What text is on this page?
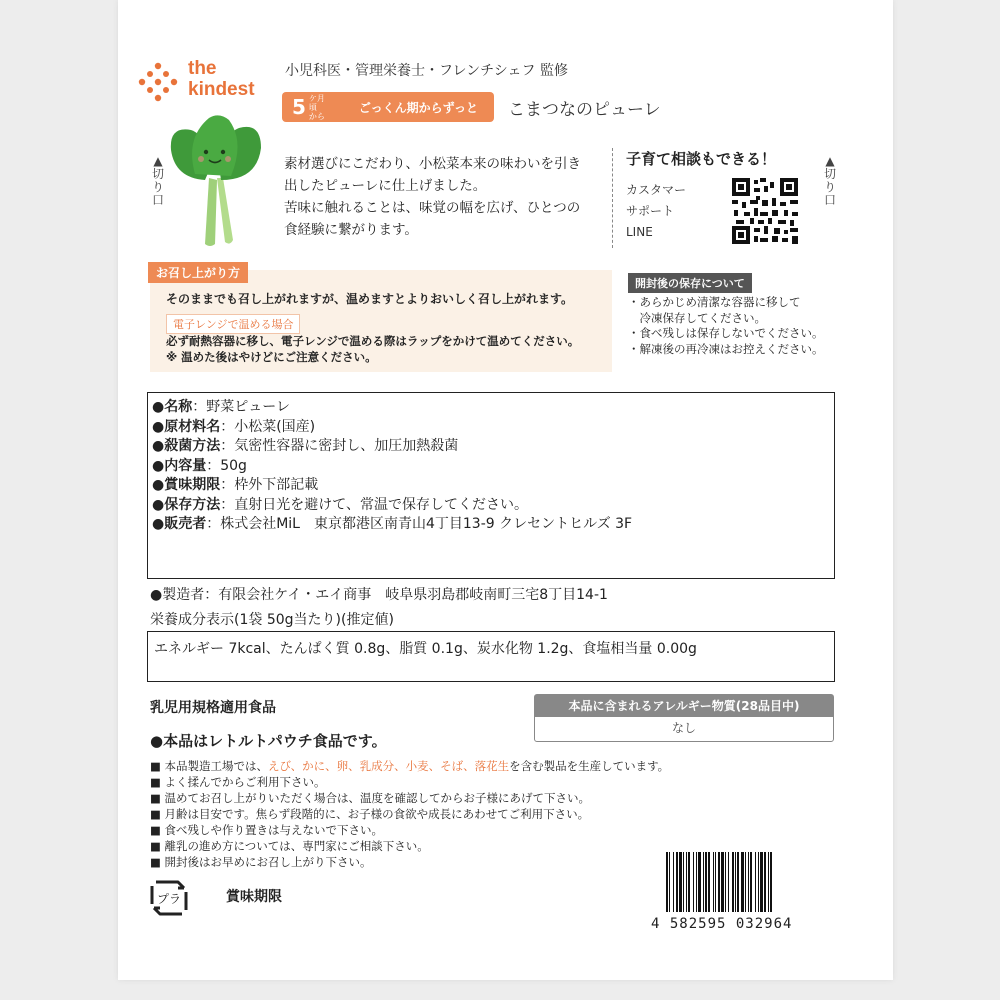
the
kindest
小児科医・管理栄養士・フレンチシェフ 監修
5 ケ月頃
から
ごっくん期からずっと こまつなのピューレ
▲
切
り
口
▲
切
り
口
素材選びにこだわり、小松菜本来の味わいを引き
出したピューレに仕上げました。
苦味に触れることは、味覚の幅を広げ、ひとつの
食経験に繋がります。
子育て相談もできる！
カスタマー
サポート
LINE
お召し上がり方
そのままでも召し上がれますが、温めますとよりおいしく召し上がれます。
電子レンジで温める場合
必ず耐熱容器に移し、電子レンジで温める際はラップをかけて温めてください。
※ 温めた後はやけどにご注意ください。
開封後の保存について
・あらかじめ清潔な容器に移して
　冷凍保存してください。
・食べ残しは保存しないでください。
・解凍後の再冷凍はお控えください。
●名称：野菜ピューレ
●原材料名：小松菜(国産)
●殺菌方法：気密性容器に密封し、加圧加熱殺菌
●内容量：50g
●賞味期限：枠外下部記載
●保存方法：直射日光を避けて、常温で保存してください。
●販売者：株式会社MiL　東京都港区南青山4丁目13-9 クレセントヒルズ 3F
●製造者：有限会社ケイ・エイ商事　岐阜県羽島郡岐南町三宅8丁目14-1
栄養成分表示(1袋 50g当たり)(推定値)
エネルギー 7kcal、たんぱく質 0.8g、脂質 0.1g、炭水化物 1.2g、食塩相当量 0.00g
乳児用規格適用食品
●本品はレトルトパウチ食品です。
本品に含まれるアレルギー物質(28品目中)
なし
■ 本品製造工場では、えび、かに、卵、乳成分、小麦、そば、落花生を含む製品を生産しています。
■ よく揉んでからご利用下さい。
■ 温めてお召し上がりいただく場合は、温度を確認してからお子様にあげて下さい。
■ 月齢は目安です。焦らず段階的に、お子様の食欲や成長にあわせてご利用下さい。
■ 食べ残しや作り置きは与えないで下さい。
■ 離乳の進め方については、専門家にご相談下さい。
■ 開封後はお早めにお召し上がり下さい。
プラ	賞味期限
4 582595 032964
